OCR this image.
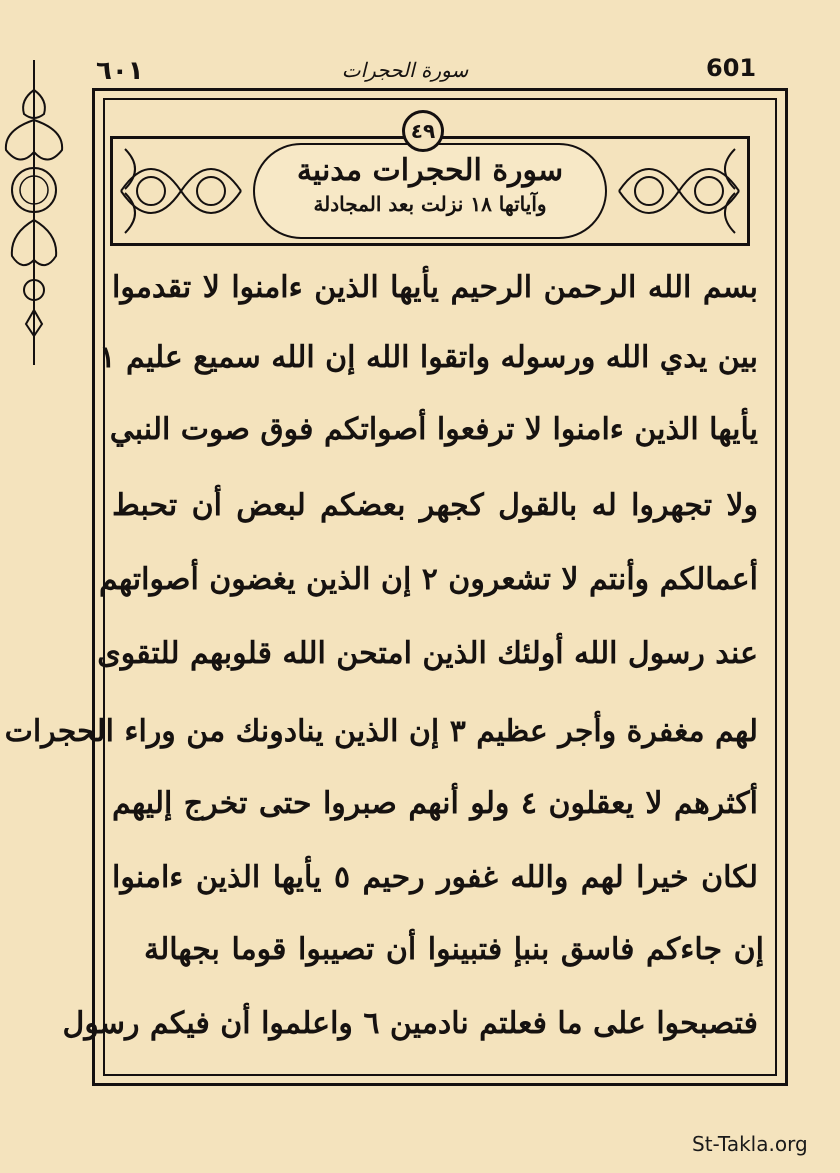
٦٠١	سورة الحجرات	601
سورة الحجرات مدنية
وآياتها ١٨ نزلت بعد المجادلة
٤٩
بسم الله الرحمن الرحيم يأيها الذين ءامنوا لا تقدموا
بين يدي الله ورسوله واتقوا الله إن الله سميع عليم ١
يأيها الذين ءامنوا لا ترفعوا أصواتكم فوق صوت النبي
ولا تجهروا له بالقول كجهر بعضكم لبعض أن تحبط
أعمالكم وأنتم لا تشعرون ٢ إن الذين يغضون أصواتهم
عند رسول الله أولئك الذين امتحن الله قلوبهم للتقوى
لهم مغفرة وأجر عظيم ٣ إن الذين ينادونك من وراء الحجرات
أكثرهم لا يعقلون ٤ ولو أنهم صبروا حتى تخرج إليهم
لكان خيرا لهم والله غفور رحيم ٥ يأيها الذين ءامنوا
إن جاءكم فاسق بنبإ فتبينوا أن تصيبوا قوما بجهالة
فتصبحوا على ما فعلتم نادمين ٦ واعلموا أن فيكم رسول
St-Takla.org
